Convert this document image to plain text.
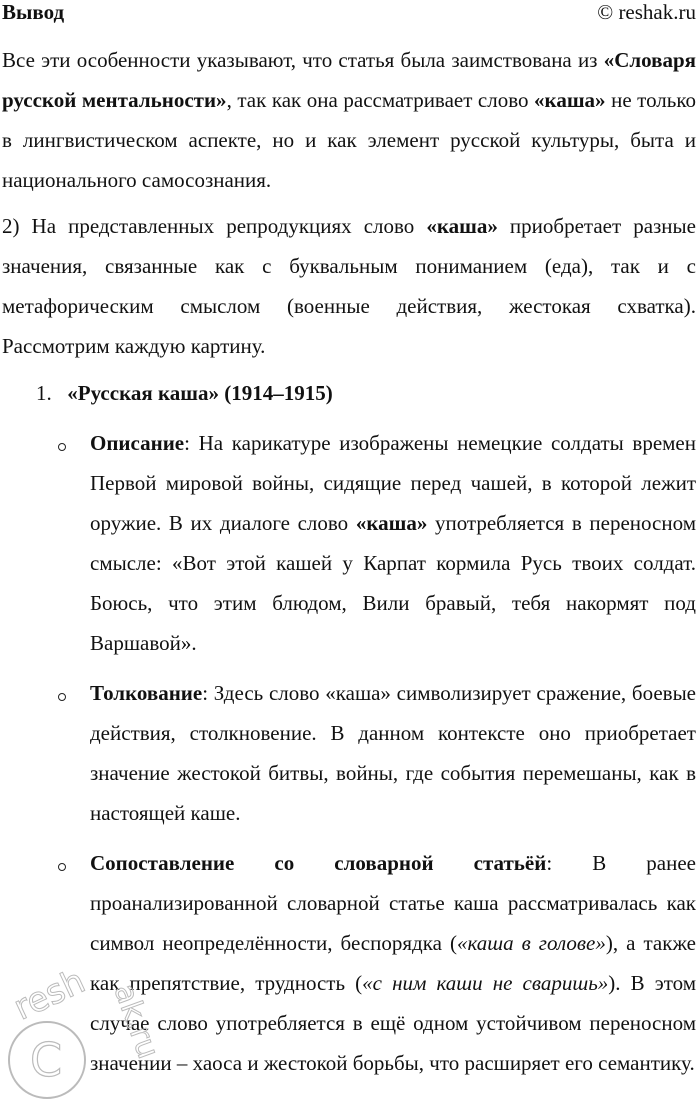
Вывод	© reshak.ru

Все эти особенности указывают, что статья была заимствована из «Словаря русской ментальности», так как она рассматривает слово «каша» не только в лингвистическом аспекте, но и как элемент русской культуры, быта и национального самосознания.

2) На представленных репродукциях слово «каша» приобретает разные значения, связанные как с буквальным пониманием (еда), так и с метафорическим смыслом (военные действия, жестокая схватка). Рассмотрим каждую картину.

1. «Русская каша» (1914–1915)

Описание: На карикатуре изображены немецкие солдаты времен Первой мировой войны, сидящие перед чашей, в которой лежит оружие. В их диалоге слово «каша» употребляется в переносном смысле: «Вот этой кашей у Карпат кормила Русь твоих солдат. Боюсь, что этим блюдом, Вили бравый, тебя накормят под Варшавой».

Толкование: Здесь слово «каша» символизирует сражение, боевые действия, столкновение. В данном контексте оно приобретает значение жестокой битвы, войны, где события перемешаны, как в настоящей каше.

Сопоставление со словарной статьёй: В ранее проанализированной словарной статье каша рассматривалась как символ неопределённости, беспорядка («каша в голове»), а также как препятствие, трудность («с ним каши не сваришь»). В этом случае слово употребляется в ещё одном устойчивом переносном значении – хаоса и жестокой борьбы, что расширяет его семантику.

resh ak.ru
C
